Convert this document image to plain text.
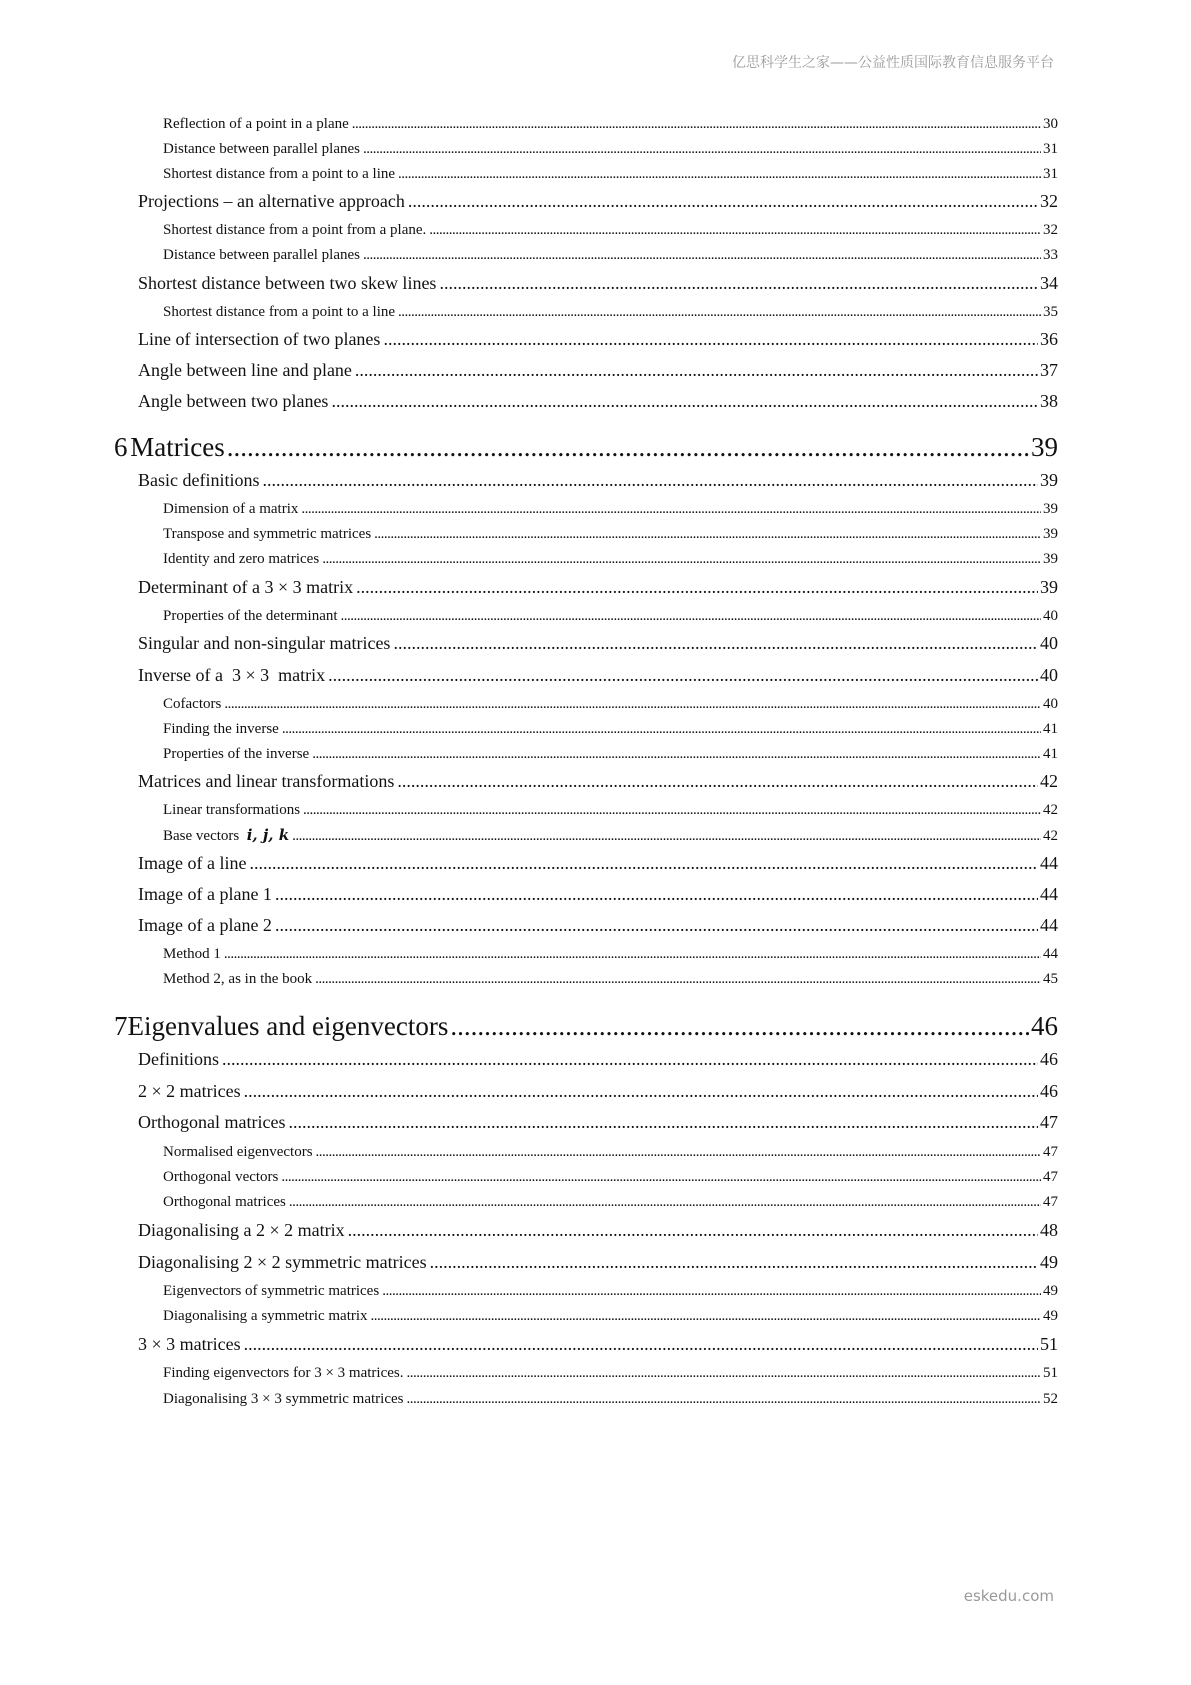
亿思科学生之家——公益性质国际教育信息服务平台
Reflection of a point in a plane .....	30
Distance between parallel planes .....	31
Shortest distance from a point to a line .....	31
Projections – an alternative approach .....	32
Shortest distance from a point from a plane. .....	32
Distance between parallel planes .....	33
Shortest distance between two skew lines .....	34
Shortest distance from a point to a line .....	35
Line of intersection of two planes .....	36
Angle between line and plane .....	37
Angle between two planes .....	38
6 Matrices .....	39
Basic definitions .....	39
Dimension of a matrix .....	39
Transpose and symmetric matrices .....	39
Identity and zero matrices .....	39
Determinant of a 3 × 3 matrix .....	39
Properties of the determinant .....	40
Singular and non-singular matrices .....	40
Inverse of a  3 × 3  matrix .....	40
Cofactors .....	40
Finding the inverse .....	41
Properties of the inverse .....	41
Matrices and linear transformations .....	42
Linear transformations .....	42
Base vectors i, j, k .....	42
Image of a line .....	44
Image of a plane 1 .....	44
Image of a plane 2 .....	44
Method 1 .....	44
Method 2, as in the book .....	45
7 Eigenvalues and eigenvectors .....	46
Definitions .....	46
2 × 2 matrices .....	46
Orthogonal matrices .....	47
Normalised eigenvectors .....	47
Orthogonal vectors .....	47
Orthogonal matrices .....	47
Diagonalising a 2 × 2 matrix .....	48
Diagonalising 2 × 2 symmetric matrices .....	49
Eigenvectors of symmetric matrices .....	49
Diagonalising a symmetric matrix .....	49
3 × 3 matrices .....	51
Finding eigenvectors for 3 × 3 matrices. .....	51
Diagonalising 3 × 3 symmetric matrices .....	52
eskedu.com
